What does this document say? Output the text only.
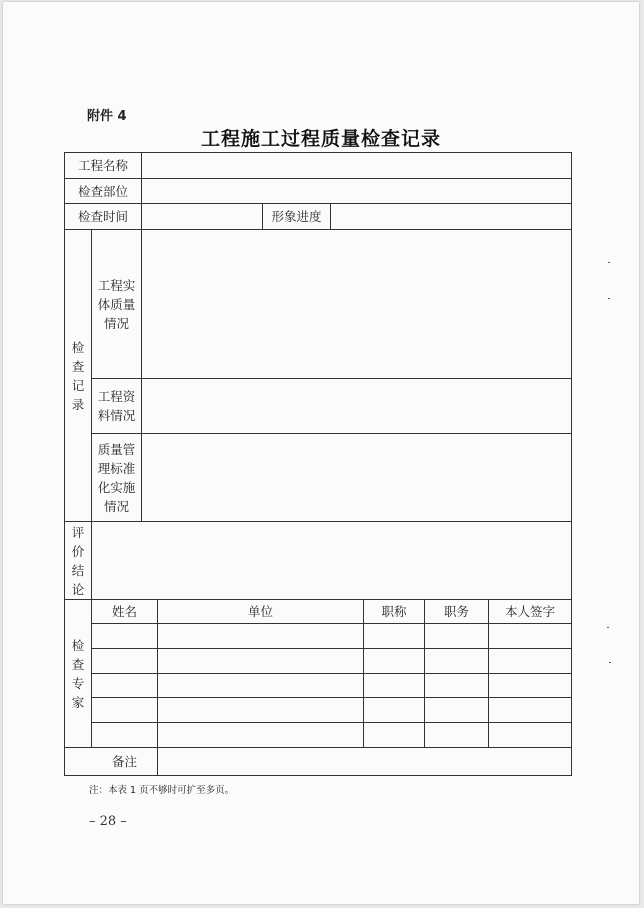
附件 4
工程施工过程质量检查记录
工程名称
检查部位
检查时间	形象进度
检
查
记
录
工程实
体质量
情况
工程资
料情况
质量管
理标准
化实施
情况
评
价
结
论
检
查
专
家
姓名	单位	职称	职务	本人签字
备注
注：本表 1 页不够时可扩至多页。
– 28 –
